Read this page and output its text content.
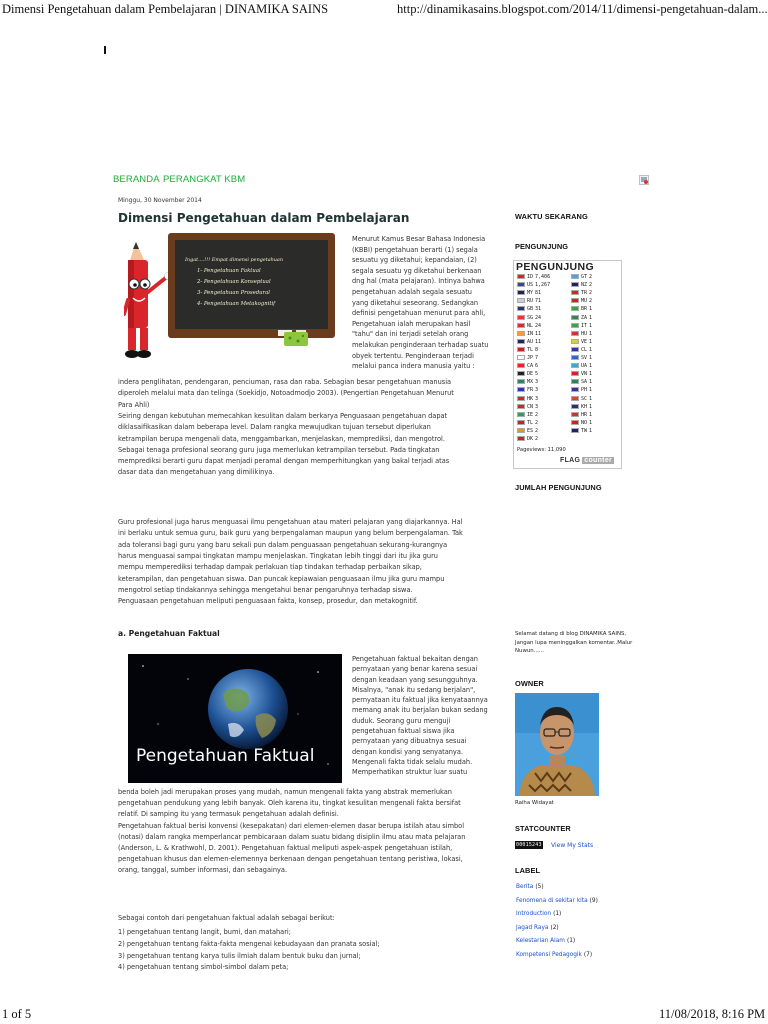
Dimensi Pengetahuan dalam Pembelajaran | DINAMIKA SAINS	http://dinamikasains.blogspot.com/2014/11/dimensi-pengetahuan-dalam...
BERANDA PERANGKAT KBM
Minggu, 30 November 2014
Dimensi Pengetahuan dalam Pembelajaran
Ingat....!!! Empat dimensi pengetahuan
1- Pengetahuan Faktual
2- Pengetahuan Konseptual
3- Pengetahuan Prosedural
4- Pengetahuan Metakognitif
Menurut Kamus Besar Bahasa Indonesia
(KBBI) pengetahuan berarti (1) segala
sesuatu yg diketahui; kepandaian, (2)
segala sesuatu yg diketahui berkenaan
dng hal (mata pelajaran). Intinya bahwa
pengetahuan adalah segala sesuatu
yang diketahui seseorang. Sedangkan
definisi pengetahuan menurut para ahli,
Pengetahuan ialah merupakan hasil
"tahu" dan ini terjadi setelah orang
melakukan penginderaan terhadap suatu
obyek tertentu. Penginderaan terjadi
melalui panca indera manusia yaitu :
indera penglihatan, pendengaran, penciuman, rasa dan raba. Sebagian besar pengetahuan manusia
diperoleh melalui mata dan telinga (Soekidjo, Notoadmodjo 2003). (Pengertian Pengetahuan Menurut
Para Ahli)
Seiring dengan kebutuhan memecahkan kesulitan dalam berkarya Penguasaan pengetahuan dapat
diklasaifikasikan dalam beberapa level. Dalam rangka mewujudkan tujuan tersebut diperlukan
ketrampilan berupa mengenali data, menggambarkan, menjelaskan, memprediksi, dan mengotrol.
Sebagai tenaga profesional seorang guru juga memerlukan ketrampilan tersebut. Pada tingkatan
memprediksi berarti guru dapat menjadi peramal dengan memperhitungkan yang bakal terjadi atas
dasar data dan mengetahuan yang dimilikinya.
Guru profesional juga harus menguasai ilmu pengetahuan atau materi pelajaran yang diajarkannya. Hal
ini berlaku untuk semua guru, baik guru yang berpengalaman maupun yang belum berpengalaman. Tak
ada toleransi bagi guru yang baru sekali pun dalam penguasaan pengetahuan sekurang-kurangnya
harus menguasai sampai tingkatan mampu menjelaskan. Tingkatan lebih tinggi dari itu jika guru
mempu memperediksi terhadap dampak perlakuan tiap tindakan terhadap perbaikan sikap,
keterampilan, dan pengetahuan siswa. Dan puncak kepiawaian penguasaan ilmu jika guru mampu
mengotrol setiap tindakannya sehingga mengetahui benar pengaruhnya terhadap siswa.
Penguasaan pengetahuan meliputi penguasaan fakta, konsep, prosedur, dan metakognitif.
a. Pengetahuan Faktual
Pengetahuan Faktual
Pengetahuan faktual bekaitan dengan
pernyataan yang benar karena sesuai
dengan keadaan yang sesungguhnya.
Misalnya, "anak itu sedang berjalan",
pernyataan itu faktual jika kenyataannya
memang anak itu berjalan bukan sedang
duduk. Seorang guru menguji
pengetahuan faktual siswa jika
pernyataan yang dibuatnya sesuai
dengan kondisi yang senyatanya.
Mengenali fakta tidak selalu mudah.
Memperhatikan struktur luar suatu
benda boleh jadi merupakan proses yang mudah, namun mengenali fakta yang abstrak memerlukan
pengetahuan pendukung yang lebih banyak. Oleh karena itu, tingkat kesulitan mengenali fakta bersifat
relatif. Di samping itu yang termasuk pengetahuan adalah definisi.
Pengetahuan faktual berisi konvensi (kesepakatan) dari elemen-elemen dasar berupa istilah atau simbol
(notasi) dalam rangka memperlancar pembicaraan dalam suatu bidang disiplin ilmu atau mata pelajaran
(Anderson, L. & Krathwohl, D. 2001). Pengetahuan faktual meliputi aspek-aspek pengetahuan istilah,
pengetahuan khusus dan elemen-elemennya berkenaan dengan pengetahuan tentang peristiwa, lokasi,
orang, tanggal, sumber informasi, dan sebagainya.
Sebagai contoh dari pengetahuan faktual adalah sebagai berikut:
1) pengetahuan tentang langit, bumi, dan matahari;
2) pengetahuan tentang fakta-fakta mengenai kebudayaan dan pranata sosial;
3) pengetahuan tentang karya tulis ilmiah dalam bentuk buku dan jurnal;
4) pengetahuan tentang simbol-simbol dalam peta;
WAKTU SEKARANG
PENGUNJUNG
PENGUNJUNG
ID 7,406
US 1,267
MY 81
RU 71
GB 31
SG 24
NL 24
IN 11
AU 11
TL 8
JP 7
CA 6
DE 5
MX 3
FR 3
HK 3
CN 3
IE 2
TL 2
ES 2
DK 2
GT 2
NZ 2
TR 2
MU 2
BR 1
ZA 1
IT 1
HU 1
VE 1
CL 1
SV 1
UA 1
VN 1
SA 1
PH 1
SC 1
KH 1
HR 1
NO 1
TW 1
Pageviews: 11,090
FLAG counter
JUMLAH PENGUNJUNG
Selamat datang di blog DINAMIKA SAINS,
Jangan lupa meninggalkan komentar..Malur
Nuwun......
OWNER
Raiha Widayat
STATCOUNTER
00015243 View My Stats
LABEL
Berita (5)
Fenomena di sekitar kita (9)
Introduction (1)
Jagad Raya (2)
Kelestarian Alam (1)
Kompetensi Pedagogik (7)
1 of 5	11/08/2018, 8:16 PM
